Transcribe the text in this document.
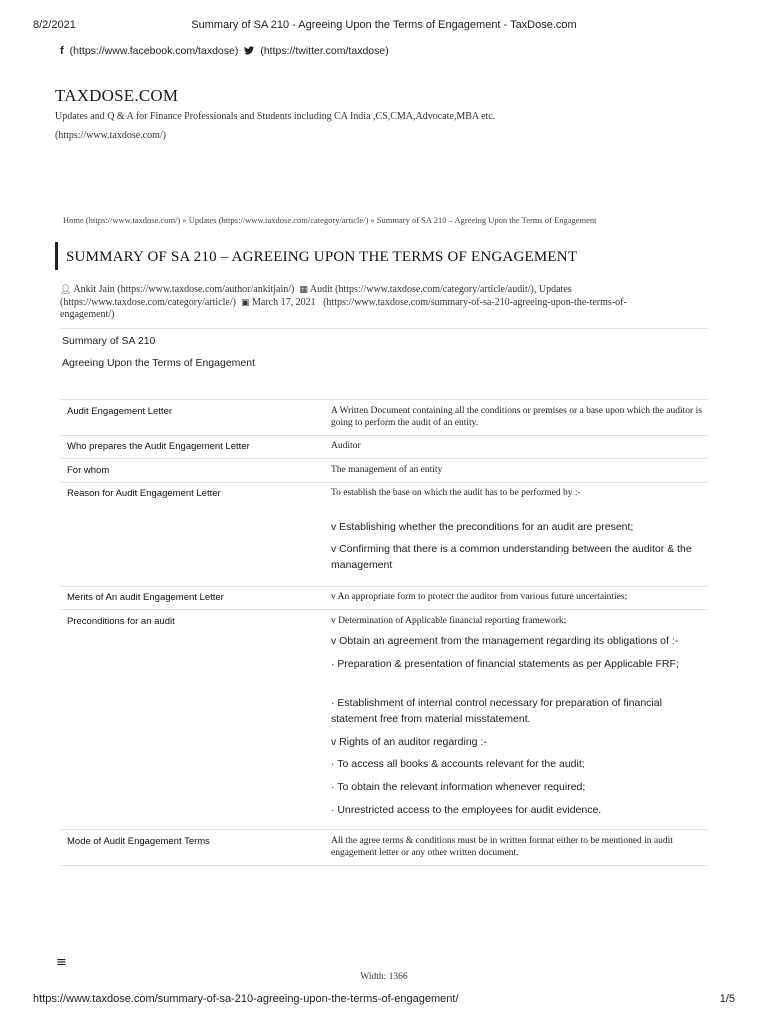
8/2/2021	Summary of SA 210 - Agreeing Upon the Terms of Engagement - TaxDose.com
f (https://www.facebook.com/taxdose) (https://twitter.com/taxdose)
TAXDOSE.COM
Updates and Q & A for Finance Professionals and Students including CA India ,CS,CMA,Advocate,MBA etc.
(https://www.taxdose.com/)
Home (https://www.taxdose.com/) » Updates (https://www.taxdose.com/category/article/) » Summary of SA 210 – Agreeing Upon the Terms of Engagement
SUMMARY OF SA 210 – AGREEING UPON THE TERMS OF ENGAGEMENT
👤︎ Ankit Jain (https://www.taxdose.com/author/ankitjain/) ▦ Audit (https://www.taxdose.com/category/article/audit/), Updates
(https://www.taxdose.com/category/article/) ▣ March 17, 2021 (https://www.taxdose.com/summary-of-sa-210-agreeing-upon-the-terms-of-
engagement/)
Summary of SA 210
Agreeing Upon the Terms of Engagement
Audit Engagement Letter	A Written Document containing all the conditions or premises or a base upon which the auditor is going to perform the audit of an entity.
Who prepares the Audit Engagement Letter	Auditor
For whom	The management of an entity
Reason for Audit Engagement Letter	To establish the base on which the audit has to be performed by :-
v Establishing whether the preconditions for an audit are present;
v Confirming that there is a common understanding between the auditor & the management
Merits of An audit Engagement Letter	v An appropriate form to protect the auditor from various future uncertainties;
Preconditions for an audit	v Determination of Applicable financial reporting framework;
v Obtain an agreement from the management regarding its obligations of :-
· Preparation & presentation of financial statements as per Applicable FRF;
· Establishment of internal control necessary for preparation of financial statement free from material misstatement.
v Rights of an auditor regarding :-
· To access all books & accounts relevant for the audit;
· To obtain the relevant information whenever required;
· Unrestricted access to the employees for audit evidence.
Mode of Audit Engagement Terms	All the agree terms & conditions must be in written format either to be mentioned in audit engagement letter or any other written document.
≡
Width: 1366
https://www.taxdose.com/summary-of-sa-210-agreeing-upon-the-terms-of-engagement/	1/5
